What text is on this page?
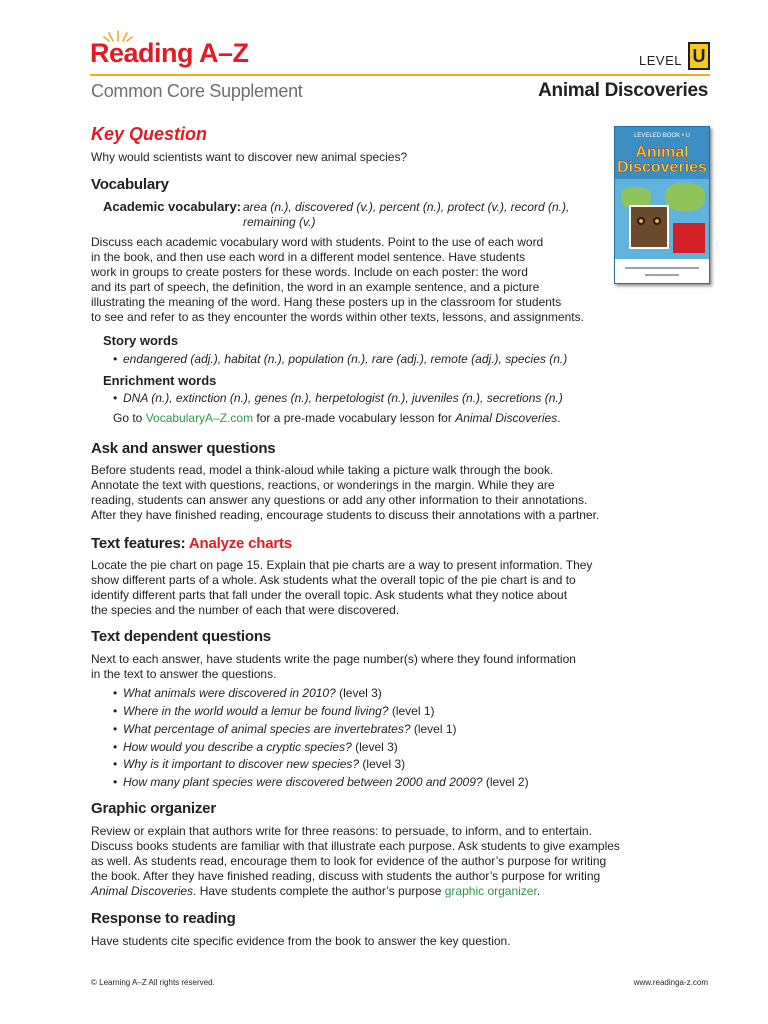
Reading A–Z	LEVEL U
Common Core Supplement	Animal Discoveries
LEVELED BOOK • U
Animal
Discoveries
Key Question
Why would scientists want to discover new animal species?
Vocabulary
Academic vocabulary: area (n.), discovered (v.), percent (n.), protect (v.), record (n.), remaining (v.)
Discuss each academic vocabulary word with students. Point to the use of each word
in the book, and then use each word in a different model sentence. Have students
work in groups to create posters for these words. Include on each poster: the word
and its part of speech, the definition, the word in an example sentence, and a picture
illustrating the meaning of the word. Hang these posters up in the classroom for students
to see and refer to as they encounter the words within other texts, lessons, and assignments.
Story words
• endangered (adj.), habitat (n.), population (n.), rare (adj.), remote (adj.), species (n.)
Enrichment words
• DNA (n.), extinction (n.), genes (n.), herpetologist (n.), juveniles (n.), secretions (n.)
Go to VocabularyA–Z.com for a pre-made vocabulary lesson for Animal Discoveries.
Ask and answer questions
Before students read, model a think-aloud while taking a picture walk through the book.
Annotate the text with questions, reactions, or wonderings in the margin. While they are
reading, students can answer any questions or add any other information to their annotations.
After they have finished reading, encourage students to discuss their annotations with a partner.
Text features: Analyze charts
Locate the pie chart on page 15. Explain that pie charts are a way to present information. They
show different parts of a whole. Ask students what the overall topic of the pie chart is and to
identify different parts that fall under the overall topic. Ask students what they notice about
the species and the number of each that were discovered.
Text dependent questions
Next to each answer, have students write the page number(s) where they found information
in the text to answer the questions.
• What animals were discovered in 2010? (level 3)
• Where in the world would a lemur be found living? (level 1)
• What percentage of animal species are invertebrates? (level 1)
• How would you describe a cryptic species? (level 3)
• Why is it important to discover new species? (level 3)
• How many plant species were discovered between 2000 and 2009? (level 2)
Graphic organizer
Review or explain that authors write for three reasons: to persuade, to inform, and to entertain.
Discuss books students are familiar with that illustrate each purpose. Ask students to give examples
as well. As students read, encourage them to look for evidence of the author’s purpose for writing
the book. After they have finished reading, discuss with students the author’s purpose for writing
Animal Discoveries. Have students complete the author’s purpose graphic organizer.
Response to reading
Have students cite specific evidence from the book to answer the key question.
© Learning A–Z All rights reserved.	www.readinga-z.com
